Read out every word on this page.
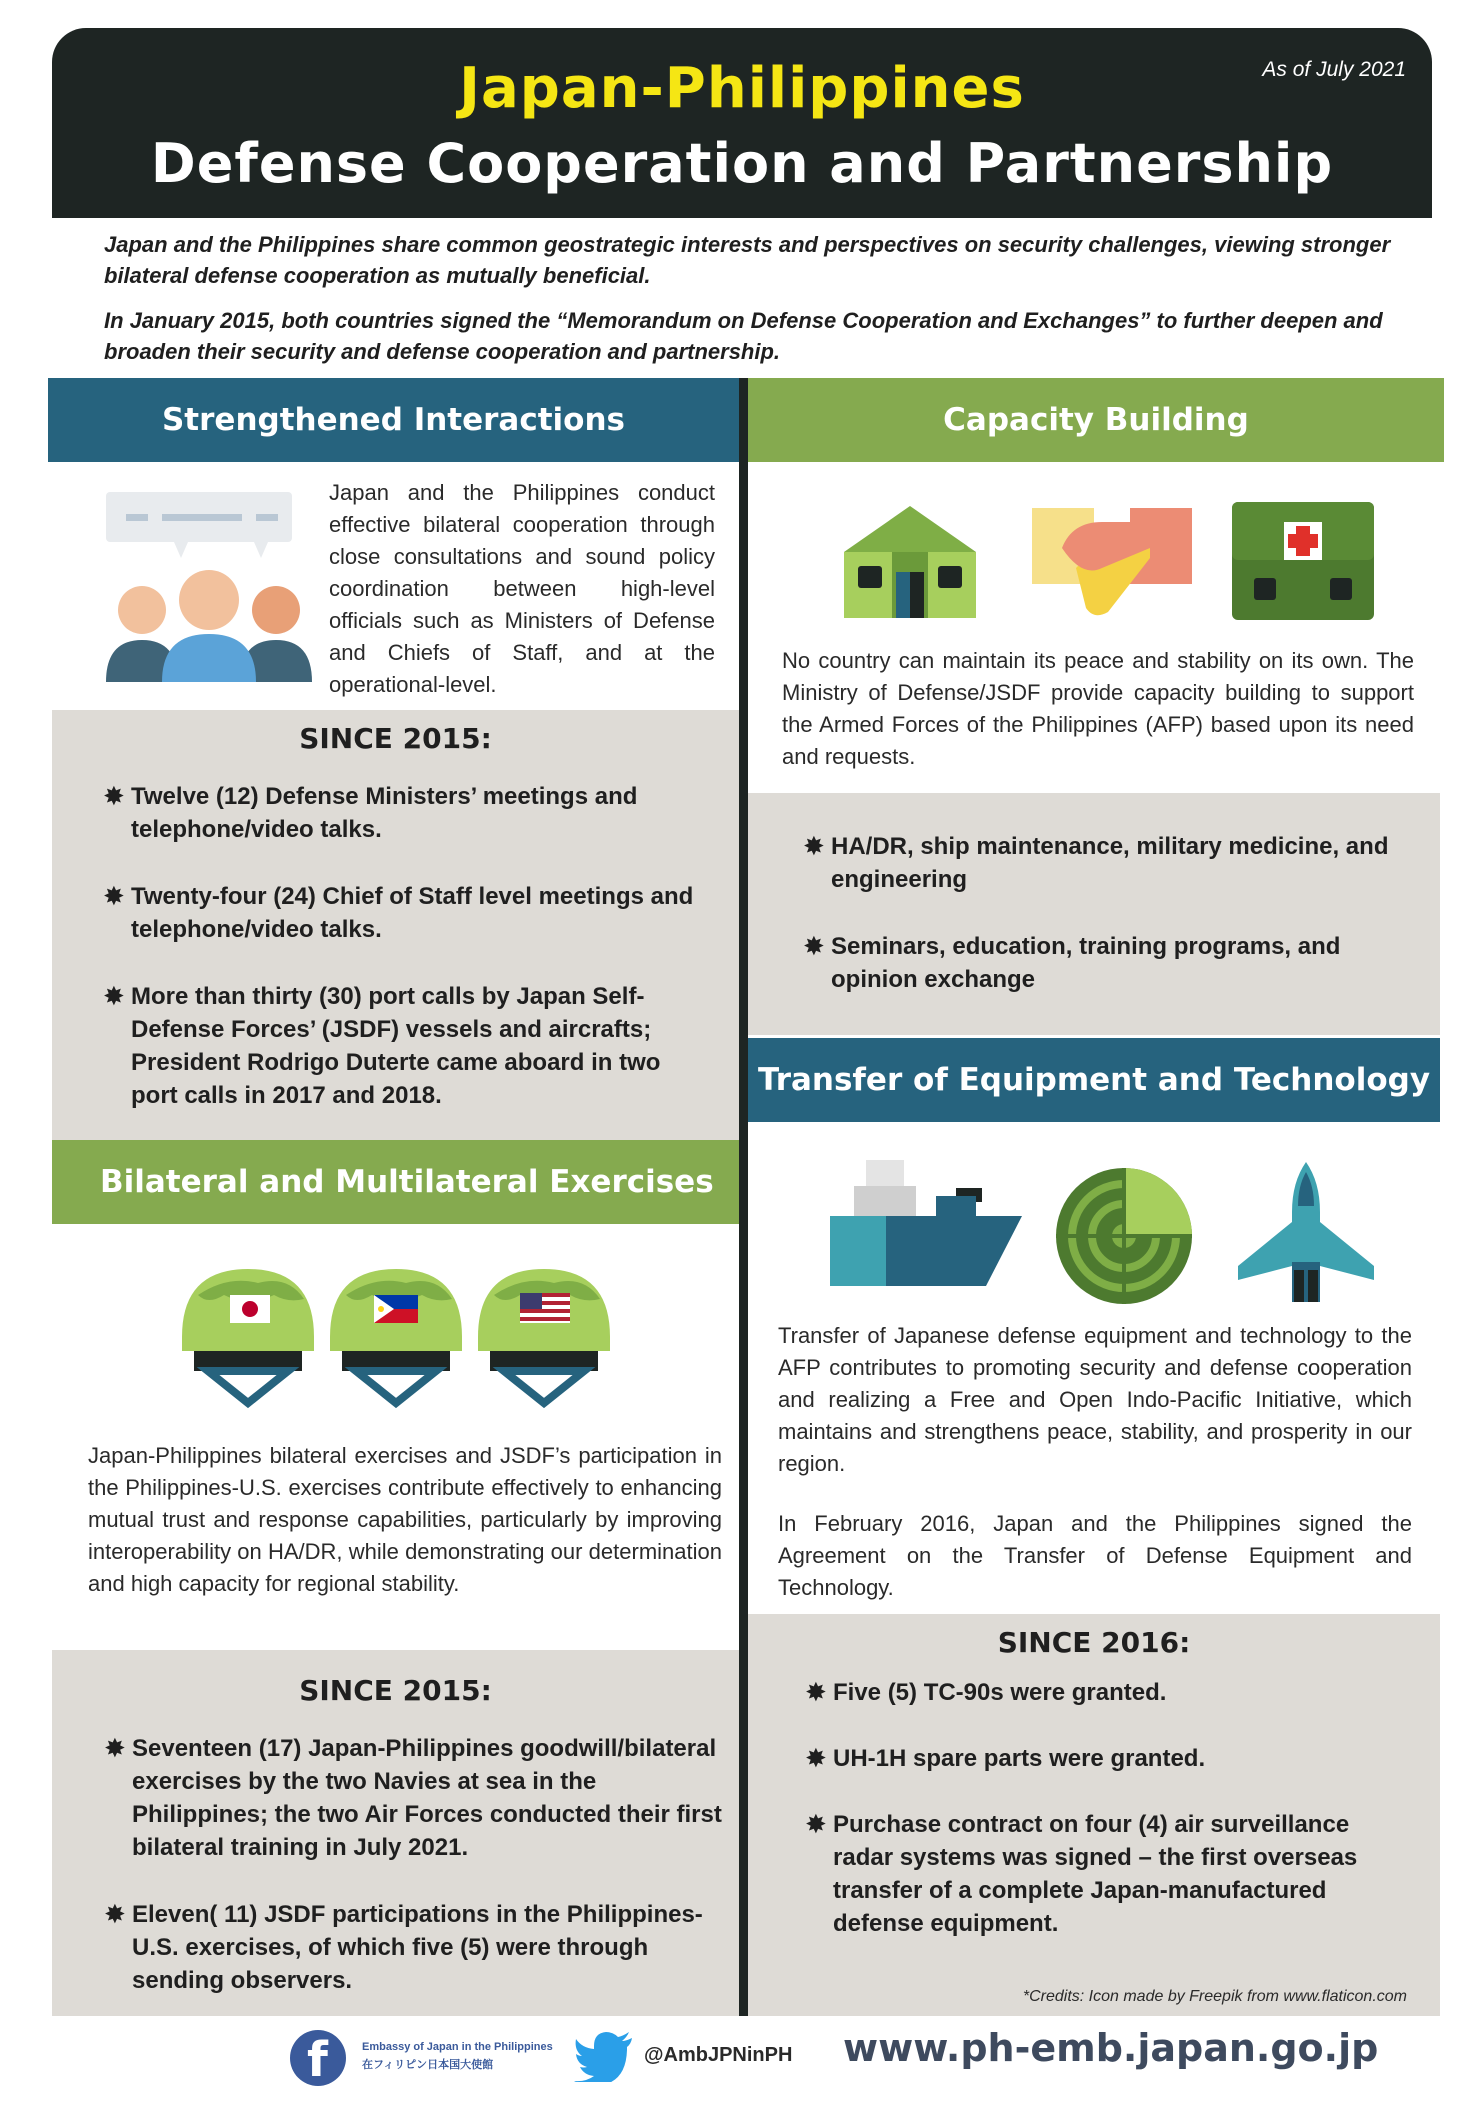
Japan-Philippines
Defense Cooperation and Partnership
As of July 2021
Japan and the Philippines share common geostrategic interests and perspectives on security challenges, viewing stronger bilateral defense cooperation as mutually beneficial.
In January 2015, both countries signed the “Memorandum on Defense Cooperation and Exchanges” to further deepen and broaden their security and defense cooperation and partnership.
Strengthened Interactions
Japan and the Philippines conduct effective bilateral cooperation through close consultations and sound policy coordination between high-level officials such as Ministers of Defense and Chiefs of Staff, and at the operational-level.
SINCE 2015:
✸ Twelve (12) Defense Ministers’ meetings and telephone/video talks.
✸ Twenty-four (24) Chief of Staff level meetings and telephone/video talks.
✸ More than thirty (30) port calls by Japan Self-Defense Forces’ (JSDF) vessels and aircrafts; President Rodrigo Duterte came aboard in two port calls in 2017 and 2018.
Bilateral and Multilateral Exercises
Japan-Philippines bilateral exercises and JSDF’s participation in the Philippines-U.S. exercises contribute effectively to enhancing mutual trust and response capabilities, particularly by improving interoperability on HA/DR, while demonstrating our determination and high capacity for regional stability.
SINCE 2015:
✸ Seventeen (17) Japan-Philippines goodwill/bilateral exercises by the two Navies at sea in the Philippines; the two Air Forces conducted their first bilateral training in July 2021.
✸ Eleven( 11) JSDF participations in the Philippines-U.S. exercises, of which five (5) were through sending observers.
Capacity Building
No country can maintain its peace and stability on its own. The Ministry of Defense/JSDF provide capacity building to support the Armed Forces of the Philippines (AFP) based upon its need and requests.
✸ HA/DR, ship maintenance, military medicine, and engineering
✸ Seminars, education, training programs, and opinion exchange
Transfer of Equipment and Technology
Transfer of Japanese defense equipment and technology to the AFP contributes to promoting security and defense cooperation and realizing a Free and Open Indo-Pacific Initiative, which maintains and strengthens peace, stability, and prosperity in our region.
In February 2016, Japan and the Philippines signed the Agreement on the Transfer of Defense Equipment and Technology.
SINCE 2016:
✸ Five (5) TC-90s were granted.
✸ UH-1H spare parts were granted.
✸ Purchase contract on four (4) air surveillance radar systems was signed – the first overseas transfer of a complete Japan-manufactured defense equipment.
*Credits: Icon made by Freepik from www.flaticon.com
f	Embassy of Japan in the Philippines
在フィリピン日本国大使館	@AmbJPNinPH www.ph-emb.japan.go.jp
